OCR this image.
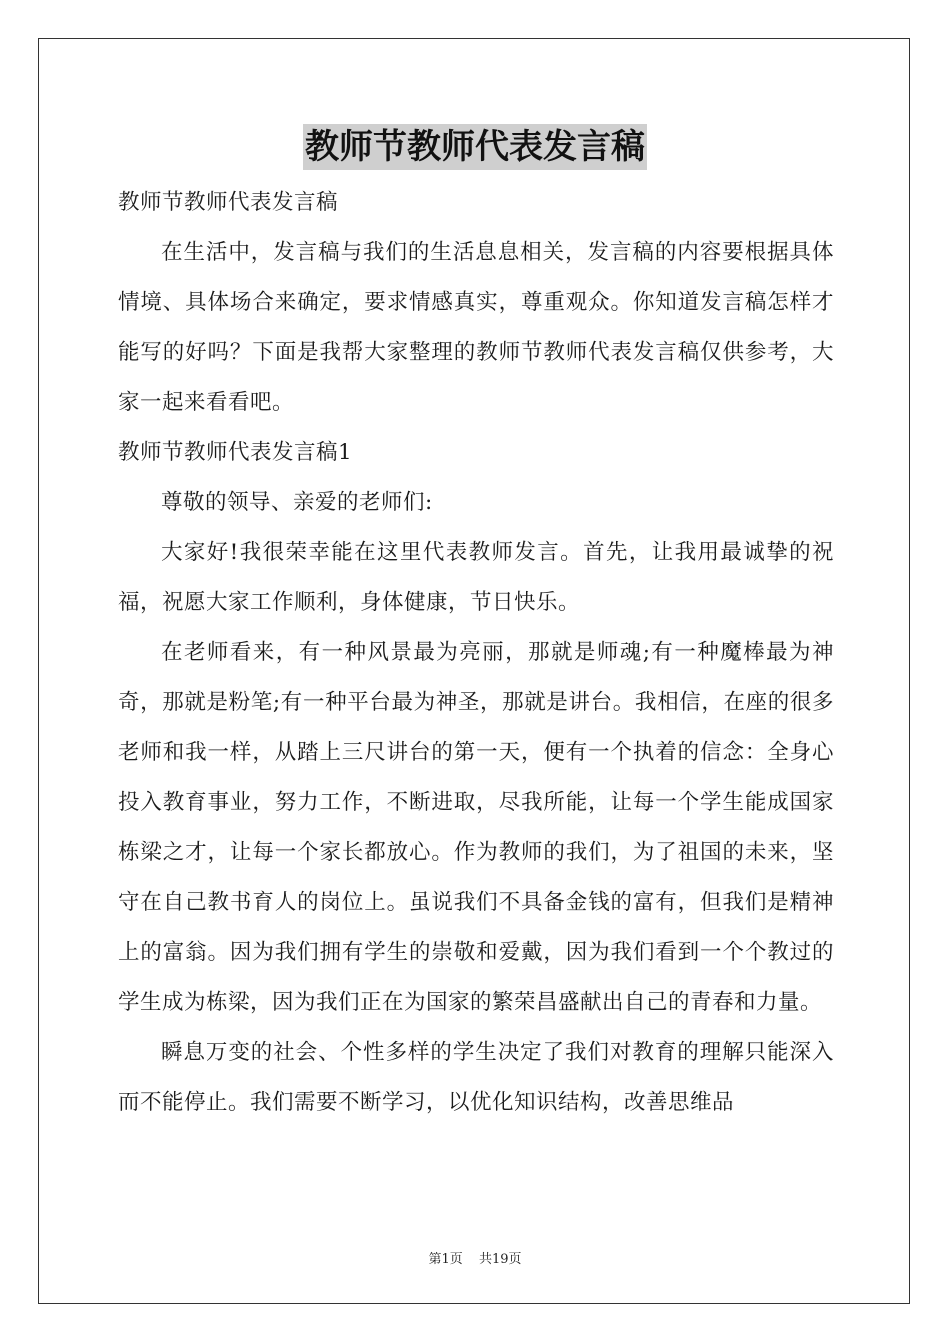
教师节教师代表发言稿

教师节教师代表发言稿

在生活中，发言稿与我们的生活息息相关，发言稿的内容要根据具体情境、具体场合来确定，要求情感真实，尊重观众。你知道发言稿怎样才能写的好吗？下面是我帮大家整理的教师节教师代表发言稿仅供参考，大家一起来看看吧。

教师节教师代表发言稿1

尊敬的领导、亲爱的老师们:

大家好!我很荣幸能在这里代表教师发言。首先，让我用最诚挚的祝福，祝愿大家工作顺利，身体健康，节日快乐。

在老师看来，有一种风景最为亮丽，那就是师魂;有一种魔棒最为神奇，那就是粉笔;有一种平台最为神圣，那就是讲台。我相信，在座的很多老师和我一样，从踏上三尺讲台的第一天，便有一个执着的信念：全身心投入教育事业，努力工作，不断进取，尽我所能，让每一个学生能成国家栋梁之才，让每一个家长都放心。作为教师的我们，为了祖国的未来，坚守在自己教书育人的岗位上。虽说我们不具备金钱的富有，但我们是精神上的富翁。因为我们拥有学生的崇敬和爱戴，因为我们看到一个个教过的学生成为栋梁，因为我们正在为国家的繁荣昌盛献出自己的青春和力量。

瞬息万变的社会、个性多样的学生决定了我们对教育的理解只能深入而不能停止。我们需要不断学习，以优化知识结构，改善思维品

第1页 共19页
